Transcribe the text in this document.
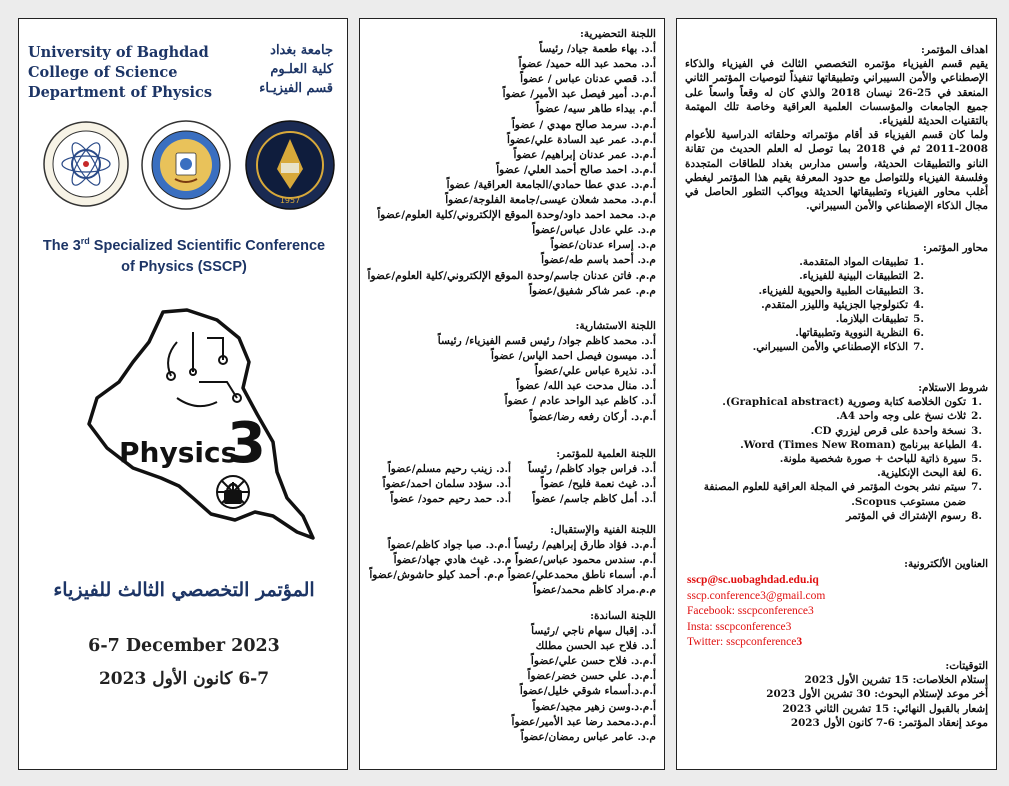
University of Baghdad
College of Science
Department of Physics
جامعة بغداد
كلية العلـوم
قسم الفيزيـاء
1957
The 3rd Specialized Scientific Conference
of Physics (SSCP)
Physics
3
المؤتمر التخصصي الثالث للفيزياء
6-7 December 2023
6-7 كانون الأول 2023
اللجنة التحضيرية:
أ.د. بهاء طعمة جياد/ رئيساً
أ.د. محمد عبد الله حميد/ عضواً
أ.د. قصي عدنان عباس / عضواً
أ.م.د. أمير فيصل عبد الأمير/ عضواً
أ.م. بيداء طاهر سيه/ عضواً
أ.م.د. سرمد صالح مهدي / عضواً
أ.م.د. عمر عبد السادة علي/عضواً
أ.م.د. عمر عدنان إبراهيم/ عضواً
أ.م.د. احمد صالح أحمد العلي/ عضواً
أ.م.د. عدي عطا حمادي/الجامعة العراقية/ عضواً
أ.م.د. محمد شعلان عيسى/جامعة الفلوجة/عضواً
م.د. محمد احمد داود/وحدة الموقع الإلكتروني/كلية العلوم/عضواً
م.د. علي عادل عباس/عضواً
م.د. إسراء عدنان/عضواً
م.د. أحمد باسم طه/عضواً
م.م. فاتن عدنان جاسم/وحدة الموقع الإلكتروني/كلية العلوم/عضواً
م.م. عمر شاكر شفيق/عضواً
اللجنة الاستشارية:
أ.د. محمد كاظم جواد/ رئيس قسم الفيزياء/ رئيساً
أ.د. ميسون فيصل احمد الياس/ عضواً
أ.د. نذيرة عباس علي/عضواً
أ.د. منال مدحت عبد الله/ عضواً
أ.د. كاظم عبد الواحد عادم / عضواً
أ.م.د. أركان رفعه رضا/عضواً
اللجنة العلمية للمؤتمر:
أ.د. فراس جواد كاظم/ رئيساً
أ.د. غيث نعمة فليح/ عضواً
أ.د. أمل كاظم جاسم/ عضواً
أ.د. زينب رحيم مسلم/عضواً
أ.د. سؤدد سلمان احمد/عضواً
أ.د. حمد رحيم حمود/ عضواً
اللجنة الفنية والإستقبال:
أ.م.د. فؤاد طارق إبراهيم/ رئيساً أ.م.د. صبا جواد كاظم/عضواً
أ.م. سندس محمود عباس/عضواً م.د. غيث هادي جهاد/عضواً
أ.م. أسماء ناطق محمدعلي/عضواً م.م. أحمد كيلو حاشوش/عضواً
م.م.مراد كاظم محمد/عضواً
اللجنة الساندة:
أ.د. إقبال سهام ناجي /رئيساً
أ.د. فلاح عبد الحسن مطلك
أ.م.د. فلاح حسن علي/عضواً
أ.م.د. علي حسن خضر/عضواً
أ.م.د.أسماء شوقي خليل/عضواً
أ.م.د.وسن زهير مجيد/عضواً
أ.م.د.محمد رضا عبد الأمير/عضواً
م.د. عامر عباس رمضان/عضواً
اهداف المؤتمر:

يقيم قسم الفيزياء مؤتمره التخصصي الثالث في الفيزياء والذكاء الإصطناعي والأمن السيبراني وتطبيقاتها تنفيذاً لتوصيات المؤتمر الثاني المنعقد في 25-26 نيسان 2018 والذي كان له وقعاً واسعاً على جميع الجامعات والمؤسسات العلمية العراقية وخاصة تلك المهتمة بالتقنيات الحديثة للفيزياء.

ولما كان قسم الفيزياء قد أقام مؤتمراته وحلقاته الدراسية للأعوام 2008-2011 ثم في 2018 بما توصل له العلم الحديث من تقانة النانو والتطبيقات الحديثة، وأسس مدارس بغداد للطاقات المتجددة وفلسفة الفيزياء وللتواصل مع حدود المعرفة يقيم هذا المؤتمر ليغطي أغلب محاور الفيزياء وتطبيقاتها الحديثة ويواكب التطور الحاصل في مجال الذكاء الإصطناعي والأمن السيبراني.

محاور المؤتمر:
.1
تطبيقات المواد المتقدمة.
.2
التطبيقات البينية للفيزياء.
.3
التطبيقات الطبية والحيوية للفيزياء.
.4
تكنولوجيا الجزيئية والليزر المتقدم.
.5
تطبيقات البلازما.
.6
النظرية النووية وتطبيقاتها.
.7
الذكاء الإصطناعي والأمن السيبراني.
شروط الاستلام:
.1
تكون الخلاصة كتابة وصورية (Graphical abstract).
.2
ثلاث نسخ على وجه واحد A4.
.3
نسخة واحدة على قرص ليزري CD.
.4
الطباعة ببرنامج Word (Times New Roman).
.5
سيرة ذاتية للباحث + صورة شخصية ملونة.
.6
لغة البحث الإنكليزية.
.7
سيتم نشر بحوث المؤتمر في المجلة العراقية للعلوم المصنفة ضمن مستوعب Scopus.
.8
رسوم الإشتراك في المؤتمر
العناوين الألكترونية:
sscp@sc.uobaghdad.edu.iq
sscp.conference3@gmail.com
Facebook: sscpconference3
Insta: sscpconference3
Twitter: sscpconference3
التوقيتات:
إستلام الخلاصات: 15 تشرين الأول 2023
أخر موعد لإستلام البحوث: 30 تشرين الأول 2023
إشعار بالقبول النهائي: 15 تشرين الثاني 2023
موعد إنعقاد المؤتمر: 6-7 كانون الأول 2023
